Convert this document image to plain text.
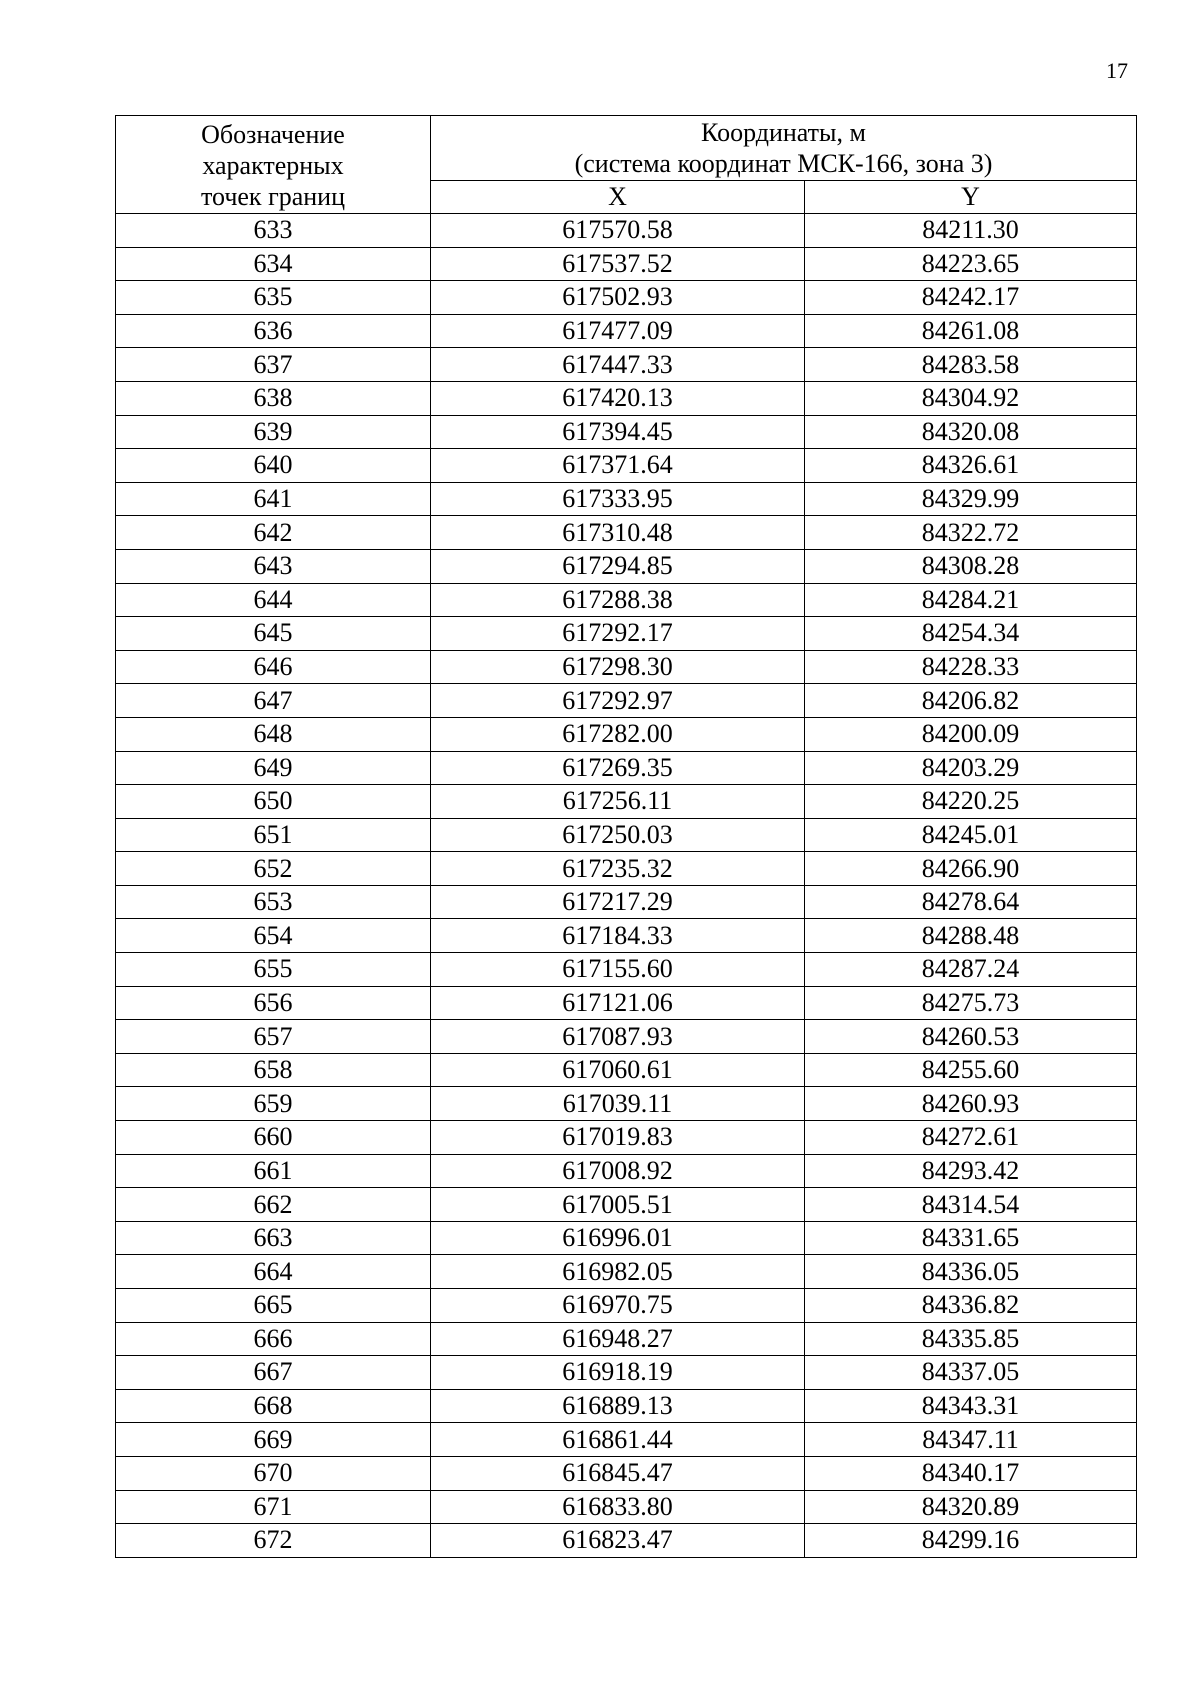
17
Обозначение
характерных
точек границ	Координаты, м
(система координат МСК-166, зона 3)	

	X	Y
633	617570.58	84211.30
634	617537.52	84223.65
635	617502.93	84242.17
636	617477.09	84261.08
637	617447.33	84283.58
638	617420.13	84304.92
639	617394.45	84320.08
640	617371.64	84326.61
641	617333.95	84329.99
642	617310.48	84322.72
643	617294.85	84308.28
644	617288.38	84284.21
645	617292.17	84254.34
646	617298.30	84228.33
647	617292.97	84206.82
648	617282.00	84200.09
649	617269.35	84203.29
650	617256.11	84220.25
651	617250.03	84245.01
652	617235.32	84266.90
653	617217.29	84278.64
654	617184.33	84288.48
655	617155.60	84287.24
656	617121.06	84275.73
657	617087.93	84260.53
658	617060.61	84255.60
659	617039.11	84260.93
660	617019.83	84272.61
661	617008.92	84293.42
662	617005.51	84314.54
663	616996.01	84331.65
664	616982.05	84336.05
665	616970.75	84336.82
666	616948.27	84335.85
667	616918.19	84337.05
668	616889.13	84343.31
669	616861.44	84347.11
670	616845.47	84340.17
671	616833.80	84320.89
672	616823.47	84299.16
